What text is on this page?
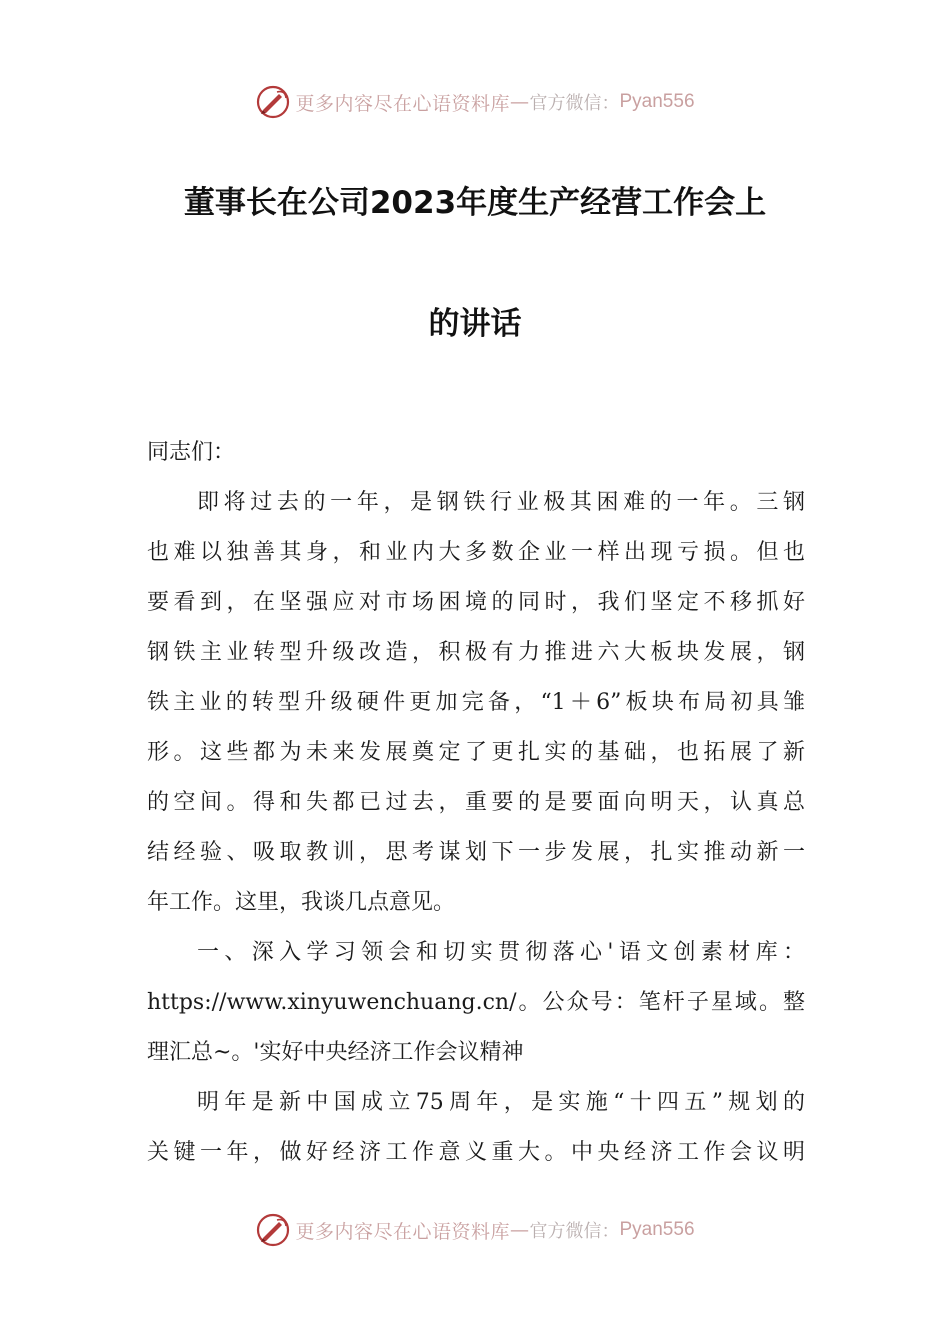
更多内容尽在心语资料库 — 官方微信： Pyan556
董事长在公司2023年度生产经营工作会上
的讲话
同志们：
即将过去的一年，是钢铁行业极其困难的一年。三钢
也难以独善其身，和业内大多数企业一样出现亏损。但也
要看到，在坚强应对市场困境的同时，我们坚定不移抓好
钢铁主业转型升级改造，积极有力推进六大板块发展，钢
铁主业的转型升级硬件更加完备，“1＋6”板块布局初具雏
形。这些都为未来发展奠定了更扎实的基础，也拓展了新
的空间。得和失都已过去，重要的是要面向明天，认真总
结经验、吸取教训，思考谋划下一步发展，扎实推动新一
年工作。这里，我谈几点意见。
一、深入学习领会和切实贯彻落心'语文创素材库：
https://www.xinyuwenchuang.cn/。公众号：笔杆子星域。整
理汇总~。'实好中央经济工作会议精神
明年是新中国成立75周年，是实施“十四五”规划的
关键一年，做好经济工作意义重大。中央经济工作会议明
更多内容尽在心语资料库 — 官方微信： Pyan556
